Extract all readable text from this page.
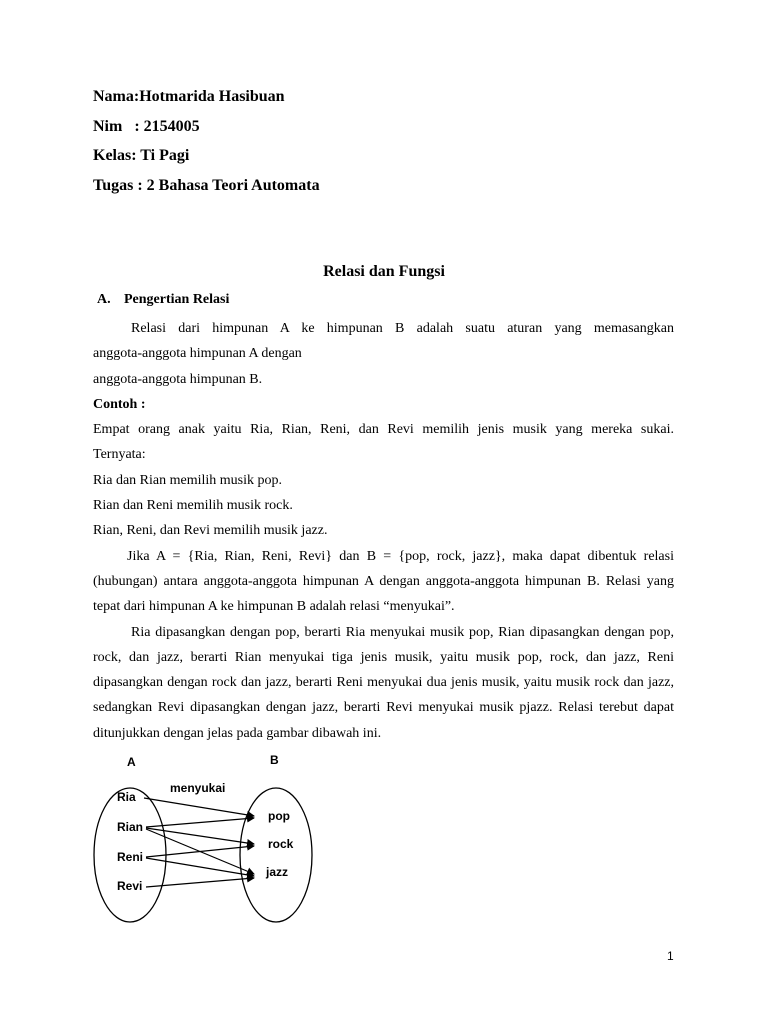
Nama:Hotmarida Hasibuan
Nim   : 2154005
Kelas: Ti Pagi
Tugas : 2 Bahasa Teori Automata
Relasi dan Fungsi
A. Pengertian Relasi

Relasi dari himpunan A ke himpunan B adalah suatu aturan yang memasangkan

anggota-anggota himpunan A dengan

anggota-anggota himpunan B.

Contoh :

Empat orang anak yaitu Ria, Rian, Reni, dan Revi memilih jenis musik yang mereka sukai.

Ternyata:

Ria dan Rian memilih musik pop.

Rian dan Reni memilih musik rock.

Rian, Reni, dan Revi memilih musik jazz.

Jika A = {Ria, Rian, Reni, Revi} dan B = {pop, rock, jazz}, maka dapat dibentuk relasi (hubungan) antara anggota-anggota himpunan A dengan anggota-anggota himpunan B. Relasi yang tepat dari himpunan A ke himpunan B adalah relasi “menyukai”.

Ria dipasangkan dengan pop, berarti Ria menyukai musik pop, Rian dipasangkan dengan pop, rock, dan jazz, berarti Rian menyukai tiga jenis musik, yaitu musik pop, rock, dan jazz, Reni dipasangkan dengan rock dan jazz, berarti Reni menyukai dua jenis musik, yaitu musik rock dan jazz, sedangkan Revi dipasangkan dengan jazz, berarti Revi menyukai musik pjazz. Relasi terebut dapat ditunjukkan dengan jelas pada gambar dibawah ini.

A	B
menyukai
Ria
Rian
Reni
Revi
pop
rock
jazz
1
